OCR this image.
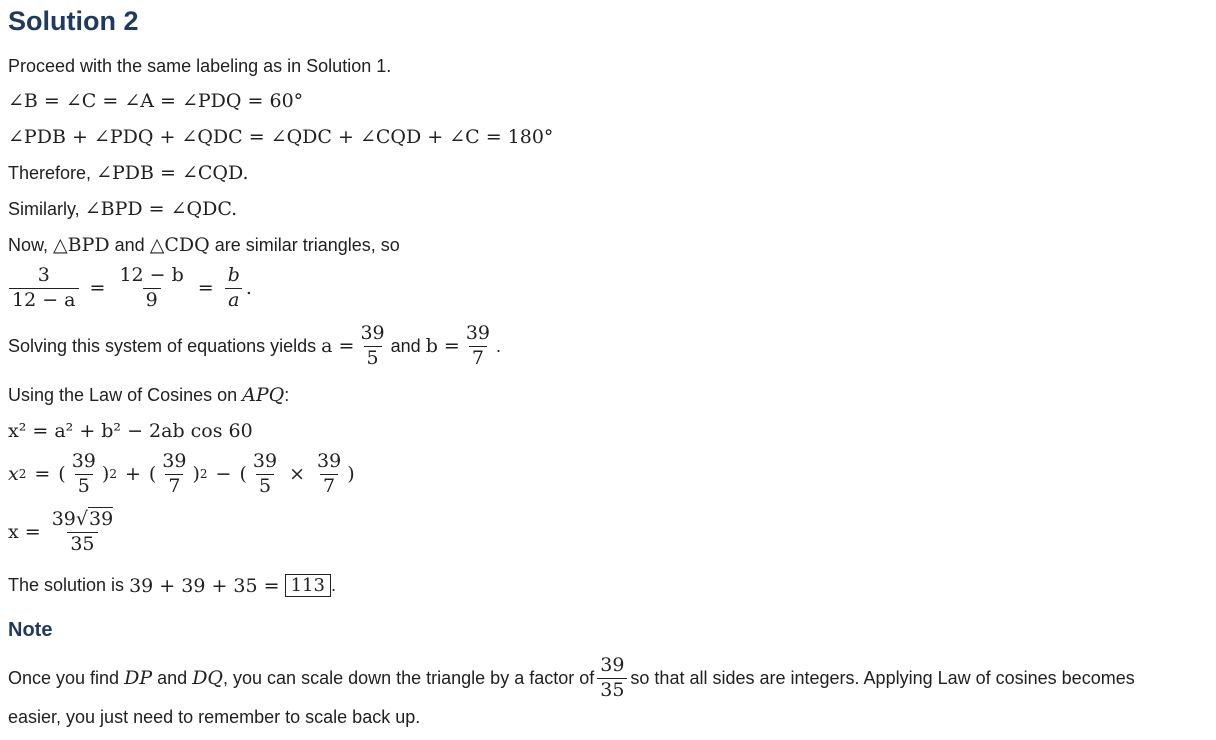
Solution 2
Proceed with the same labeling as in Solution 1.
∠B = ∠C = ∠A = ∠PDQ = 60°
∠PDB + ∠PDQ + ∠QDC = ∠QDC + ∠CQD + ∠C = 180°
Therefore,
∠PDB = ∠CQD.
Similarly,
∠BPD = ∠QDC.
Now,
△BPD
and
△CDQ
are similar triangles, so
$\frac{3}{12 - a} = \frac{12 - b}{9} = \frac{b}{a}$ .
Solving this system of equations yields
$a = \frac{39}{5}$ and
$b = \frac{39}{7}$ .
Using the Law of Cosines on
APQ :
x² = a² + b² − 2ab cos 60
x 2 = ( $\frac{39}{5}$ ) 2 + ( $\frac{39}{7}$ ) 2 − ( $\frac{39}{5} \times \frac{39}{7}$ )
$x = \frac{39√39}{35}$
The solution is
39 + 39 + 35 =
113 .
Note
Once you find
DP
and
DQ , you can scale down the triangle by a factor of $\frac{39}{35}$ so that all sides are integers. Applying Law of cosines becomes
easier, you just need to remember to scale back up.
